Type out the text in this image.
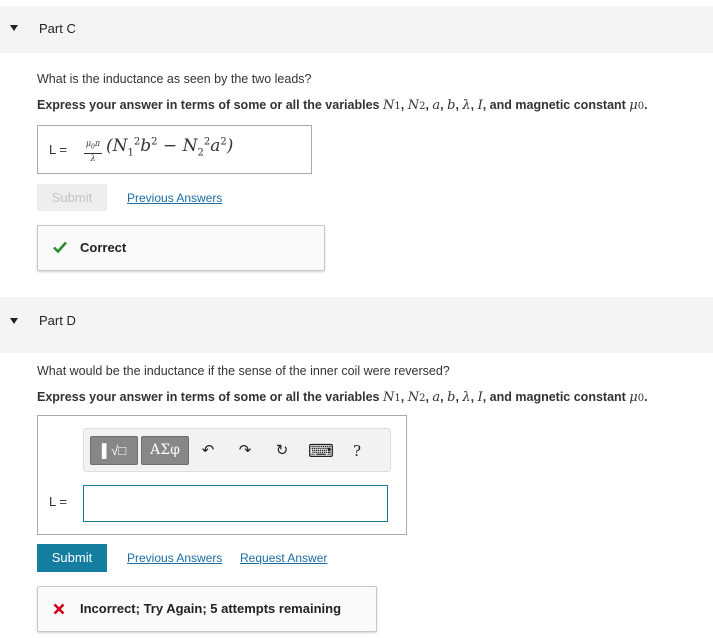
Part C
What is the inductance as seen by the two leads?
Express your answer in terms of some or all the variables N1, N2, a, b, λ, I, and magnetic constant μ0.
$L = \frac{\mu_0\pi}{\lambda} (N_1^2b^2 - N_2^2a^2)$
Submit	Previous Answers
Correct
Part D
What would be the inductance if the sense of the inner coil were reversed?
Express your answer in terms of some or all the variables N1, N2, a, b, λ, I, and magnetic constant μ0.
▌√□	ΑΣφ	↶ ↷ ↻ ⌨	?
L =
Submit	Previous Answers Request Answer
Incorrect; Try Again; 5 attempts remaining
